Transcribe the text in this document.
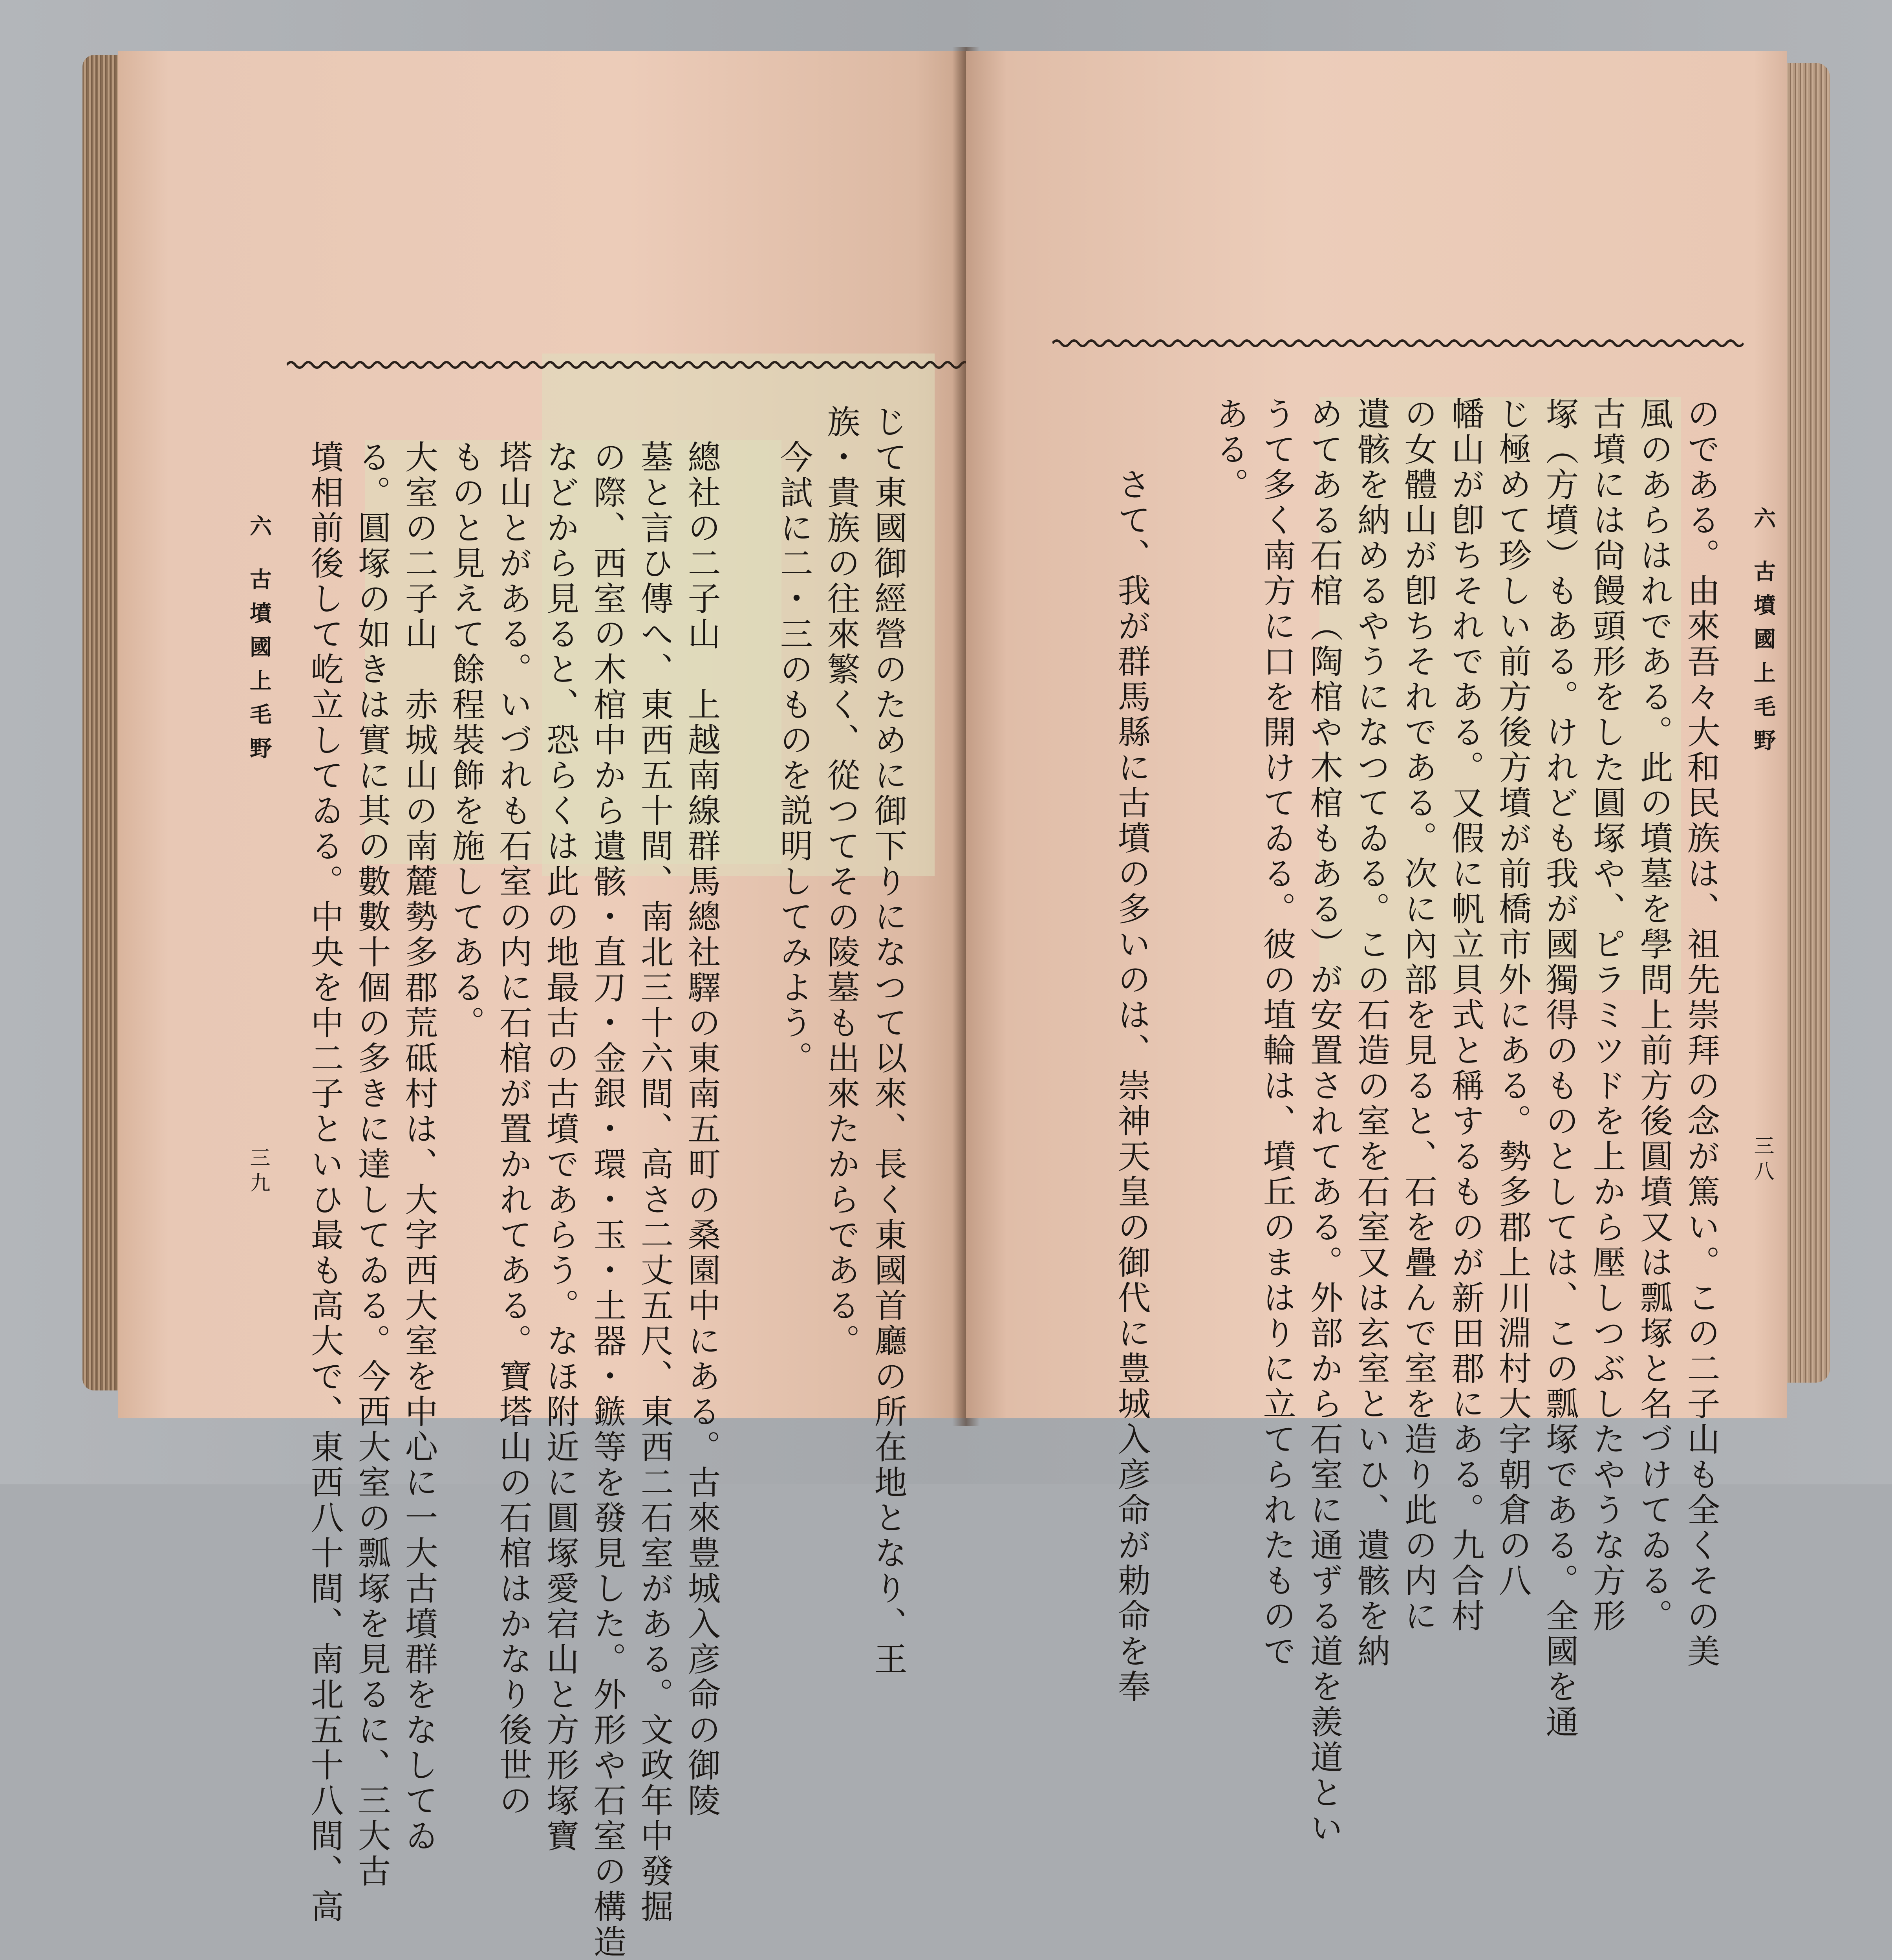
じて東國御經營のために御下りになつて以來、長く東國首廳の所在地となり、王
族・貴族の往來繁く、從つてその陵墓も出來たからである。
今試に二・三のものを説明してみよう。
總社の二子山　上越南線群馬總社驛の東南五町の桑園中にある。古來豊城入彦命の御陵
墓と言ひ傳へ、東西五十間、南北三十六間、高さ二丈五尺、東西二石室がある。文政年中發掘
の際、西室の木棺中から遺骸・直刀・金銀・環・玉・土器・鏃等を發見した。外形や石室の構造
などから見ると、恐らくは此の地最古の古墳であらう。なほ附近に圓塚愛宕山と方形塚寶
塔山とがある。いづれも石室の内に石棺が置かれてある。寶塔山の石棺はかなり後世の
ものと見えて餘程裝飾を施してある。
大室の二子山　赤城山の南麓勢多郡荒砥村は、大字西大室を中心に一大古墳群をなしてゐ
る。圓塚の如きは實に其の數數十個の多きに達してゐる。今西大室の瓢塚を見るに、三大古
墳相前後して屹立してゐる。中央を中二子といひ最も高大で、東西八十間、南北五十八間、高
六 古墳國上毛野
三九
六 古墳國上毛野
三八
のである。由來吾々大和民族は、祖先崇拜の念が篤い。この二子山も全くその美
風のあらはれである。此の墳墓を學問上前方後圓墳又は瓢塚と名づけてゐる。
古墳には尙饅頭形をした圓塚や、ピラミツドを上から壓しつぶしたやうな方形
塚（方墳）もある。けれども我が國獨得のものとしては、この瓢塚である。全國を通
じ極めて珍しい前方後方墳が前橋市外にある。勢多郡上川淵村大字朝倉の八
幡山が卽ちそれである。又假に帆立貝式と稱するものが新田郡にある。九合村
の女體山が卽ちそれである。次に內部を見ると、石を疊んで室を造り此の内に
遺骸を納めるやうになつてゐる。この石造の室を石室又は玄室といひ、遺骸を納
めてある石棺（陶棺や木棺もある）が安置されてある。外部から石室に通ずる道を羨道とい
うて多く南方に口を開けてゐる。彼の埴輪は、墳丘のまはりに立てられたもので
ある。
さて、我が群馬縣に古墳の多いのは、崇神天皇の御代に豊城入彦命が勅命を奉
